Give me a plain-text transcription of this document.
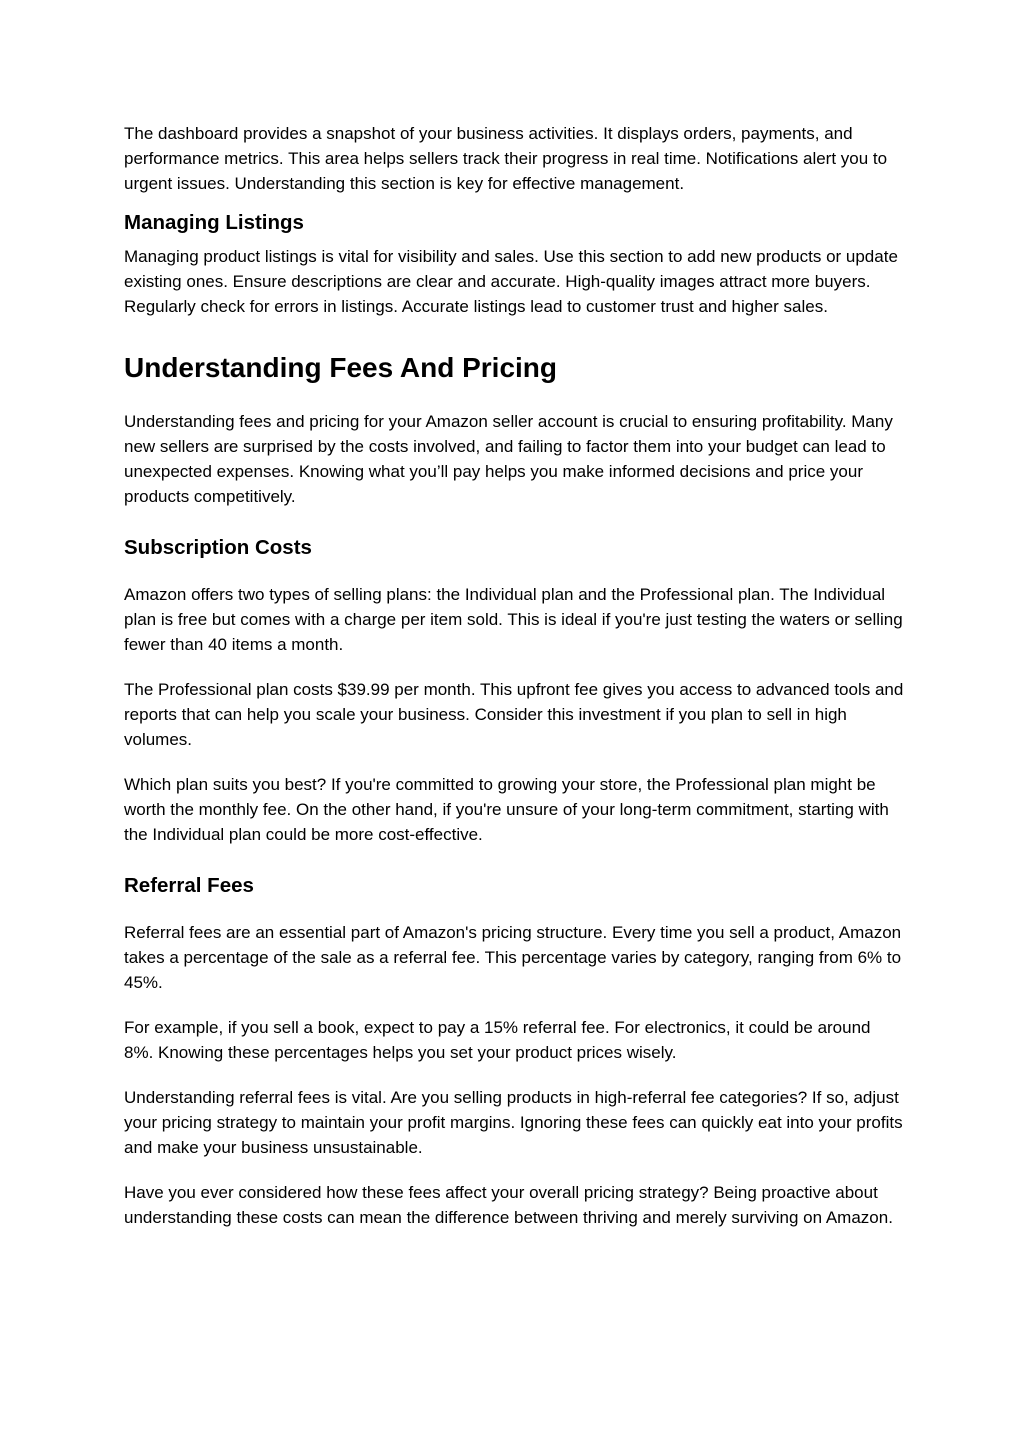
The dashboard provides a snapshot of your business activities. It displays orders, payments, and performance metrics. This area helps sellers track their progress in real time. Notifications alert you to urgent issues. Understanding this section is key for effective management.

Managing Listings

Managing product listings is vital for visibility and sales. Use this section to add new products or update existing ones. Ensure descriptions are clear and accurate. High-quality images attract more buyers. Regularly check for errors in listings. Accurate listings lead to customer trust and higher sales.

Understanding Fees And Pricing

Understanding fees and pricing for your Amazon seller account is crucial to ensuring profitability. Many new sellers are surprised by the costs involved, and failing to factor them into your budget can lead to unexpected expenses. Knowing what you’ll pay helps you make informed decisions and price your products competitively.

Subscription Costs

Amazon offers two types of selling plans: the Individual plan and the Professional plan. The Individual plan is free but comes with a charge per item sold. This is ideal if you're just testing the waters or selling fewer than 40 items a month.

The Professional plan costs $39.99 per month. This upfront fee gives you access to advanced tools and reports that can help you scale your business. Consider this investment if you plan to sell in high volumes.

Which plan suits you best? If you're committed to growing your store, the Professional plan might be worth the monthly fee. On the other hand, if you're unsure of your long-term commitment, starting with the Individual plan could be more cost-effective.

Referral Fees

Referral fees are an essential part of Amazon's pricing structure. Every time you sell a product, Amazon takes a percentage of the sale as a referral fee. This percentage varies by category, ranging from 6% to 45%.

For example, if you sell a book, expect to pay a 15% referral fee. For electronics, it could be around 8%. Knowing these percentages helps you set your product prices wisely.

Understanding referral fees is vital. Are you selling products in high-referral fee categories? If so, adjust your pricing strategy to maintain your profit margins. Ignoring these fees can quickly eat into your profits and make your business unsustainable.

Have you ever considered how these fees affect your overall pricing strategy? Being proactive about understanding these costs can mean the difference between thriving and merely surviving on Amazon.
